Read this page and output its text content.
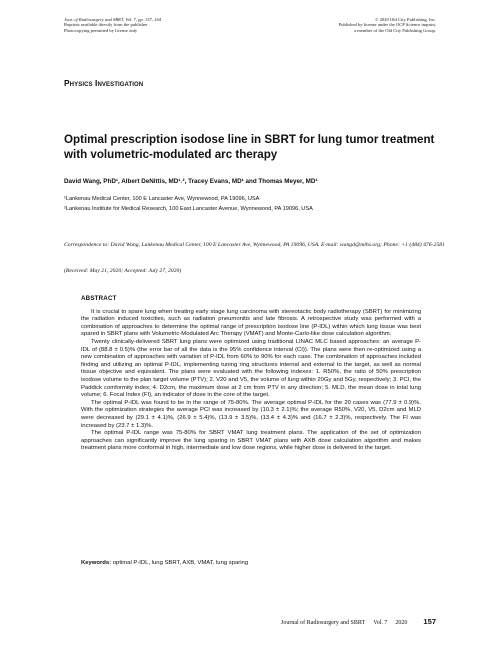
Jour. of Radiosurgery and SBRT, Vol. 7, pp. 157–164
Reprints available directly from the publisher
Photocopying permitted by license only
© 2020 Old City Publishing, Inc.
Published by license under the OCP Science imprint,
a member of the Old City Publishing Group.
Physics Investigation
Optimal prescription isodose line in SBRT for lung tumor treatment with volumetric-modulated arc therapy
David Wang, PhD¹, Albert DeNittis, MD¹˒², Tracey Evans, MD¹ and Thomas Meyer, MD¹
¹Lankenau Medical Center, 100 E Lancaster Ave, Wynnewood, PA 19096, USA
²Lankenau Institute for Medical Research, 100 East Lancaster Avenue, Wynnewood, PA 19096, USA
Correspondence to: David Wang, Lankenau Medical Center, 100 E Lancaster Ave, Wynnewood, PA 19096, USA. E-mail: wangd@mlhs.org; Phone: +1 (484) 476-2581
(Received: May 21, 2020; Accepted: July 27, 2020)
ABSTRACT

It is crucial to spare lung when treating early stage lung carcinoma with stereotactic body radiotherapy (SBRT) for minimizing the radiation induced toxicities, such as radiation pneumonitis and late fibrosis. A retrospective study was performed with a combination of approaches to determine the optimal range of prescription isodose line (P-IDL) within which lung tissue was best spared in SBRT plans with Volumetric-Modulated Arc Therapy (VMAT) and Monte-Carlo-like dose calculation algorithm.

Twenty clinically-delivered SBRT lung plans were optimized using traditional LINAC MLC based approaches: an average P-IDL of (88.8 ± 0.5)% (the error bar of all the data is the 95% confidence interval (CI)). The plans were then re-optimized using a new combination of approaches with variation of P-IDL from 60% to 90% for each case. The combination of approaches included finding and utilizing an optimal P-IDL, implementing tuning ring structures internal and external to the target, as well as normal tissue objective and equivalent. The plans were evaluated with the following indexes: 1. R50%, the ratio of 50% prescription isodose volume to the plan target volume (PTV); 2. V20 and V5, the volume of lung within 20Gy and 5Gy, respectively; 3. PCI, the Paddick comformity index; 4. D2cm, the maximum dose at 2 cm from PTV in any direction; 5. MLD, the mean dose in total lung volume; 6. Focal Index (FI), an indicator of dose in the core of the target.

The optimal P-IDL was found to be in the range of 75-80%. The average optimal P-IDL for the 20 cases was (77.9 ± 0.9)%. With the optimization strategies the average PCI was increased by (10.3 ± 2.1)%; the average R50%, V20, V5, D2cm and MLD were decreased by (29.1 ± 4.1)%, (26.9 ± 5.4)%, (13.9 ± 3.5)%, (13.4 ± 4.3)% and (16.7 ± 2.3)%, respectively. The FI was increased by (23.7 ± 1.3)%.

The optimal P-IDL range was 75-80% for SBRT VMAT lung treatment plans. The application of the set of optimization approaches can significantly improve the lung sparing in SBRT VMAT plans with AXB dose calculation algorithm and makes treatment plans more conformal in high, intermediate and low dose regions, while higher dose is delivered to the target.

Keywords: optimal P-IDL, lung SBRT, AXB, VMAT, lung sparing
Journal of Radiosurgery and SBRT Vol. 7 2020 157
